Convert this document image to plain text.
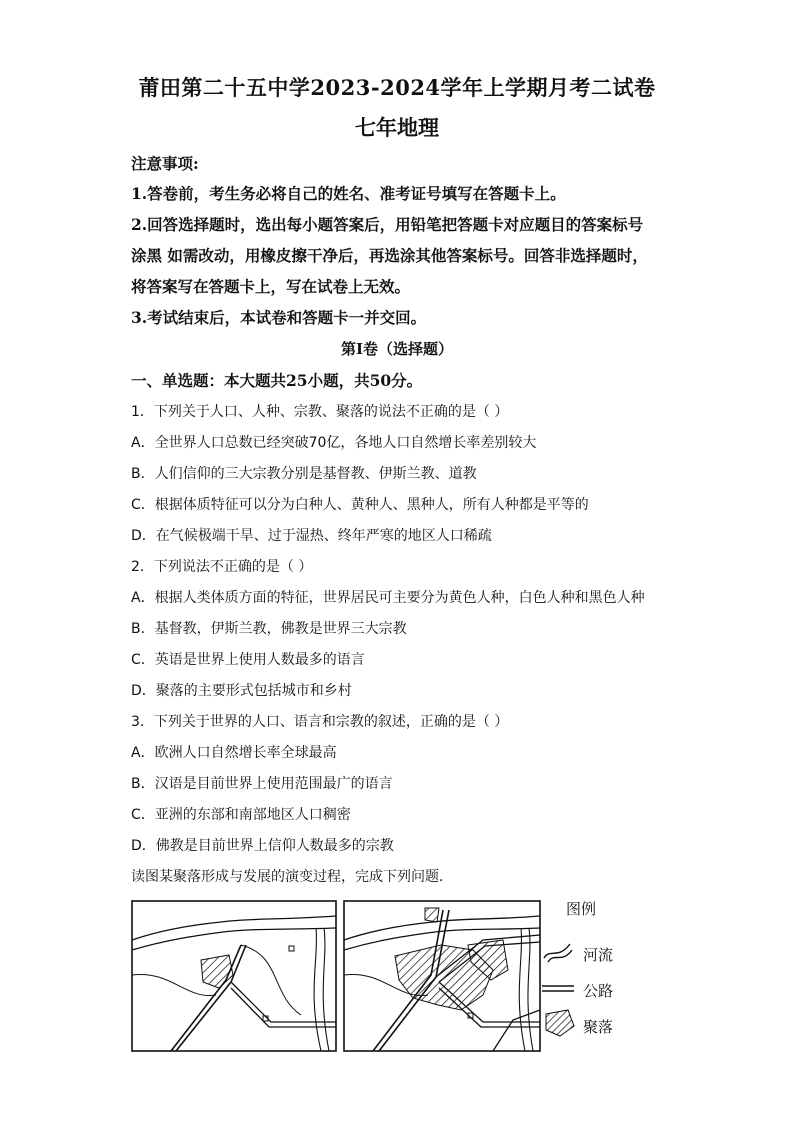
莆田第二十五中学2023-2024学年上学期月考二试卷
七年地理
注意事项:
1.答卷前，考生务必将自己的姓名、准考证号填写在答题卡上。
2.回答选择题时，选出每小题答案后，用铅笔把答题卡对应题目的答案标号
涂黑 如需改动，用橡皮擦干净后，再选涂其他答案标号。回答非选择题时，
将答案写在答题卡上，写在试卷上无效。
3.考试结束后，本试卷和答题卡一并交回。
第I卷（选择题）
一、单选题：本大题共25小题，共50分。
1．下列关于人口、人种、宗教、聚落的说法不正确的是（ ）
A．全世界人口总数已经突破70亿，各地人口自然增长率差别较大
B．人们信仰的三大宗教分别是基督教、伊斯兰教、道教
C．根据体质特征可以分为白种人、黄种人、黑种人，所有人种都是平等的
D．在气候极端干旱、过于湿热、终年严寒的地区人口稀疏
2．下列说法不正确的是（ ）
A．根据人类体质方面的特征，世界居民可主要分为黄色人种，白色人种和黑色人种
B．基督教，伊斯兰教，佛教是世界三大宗教
C．英语是世界上使用人数最多的语言
D．聚落的主要形式包括城市和乡村
3．下列关于世界的人口、语言和宗教的叙述，正确的是（ ）
A．欧洲人口自然增长率全球最高
B．汉语是目前世界上使用范围最广的语言
C．亚洲的东部和南部地区人口稠密
D．佛教是目前世界上信仰人数最多的宗教
读图某聚落形成与发展的演变过程，完成下列问题．
图例
河流
公路
聚落
